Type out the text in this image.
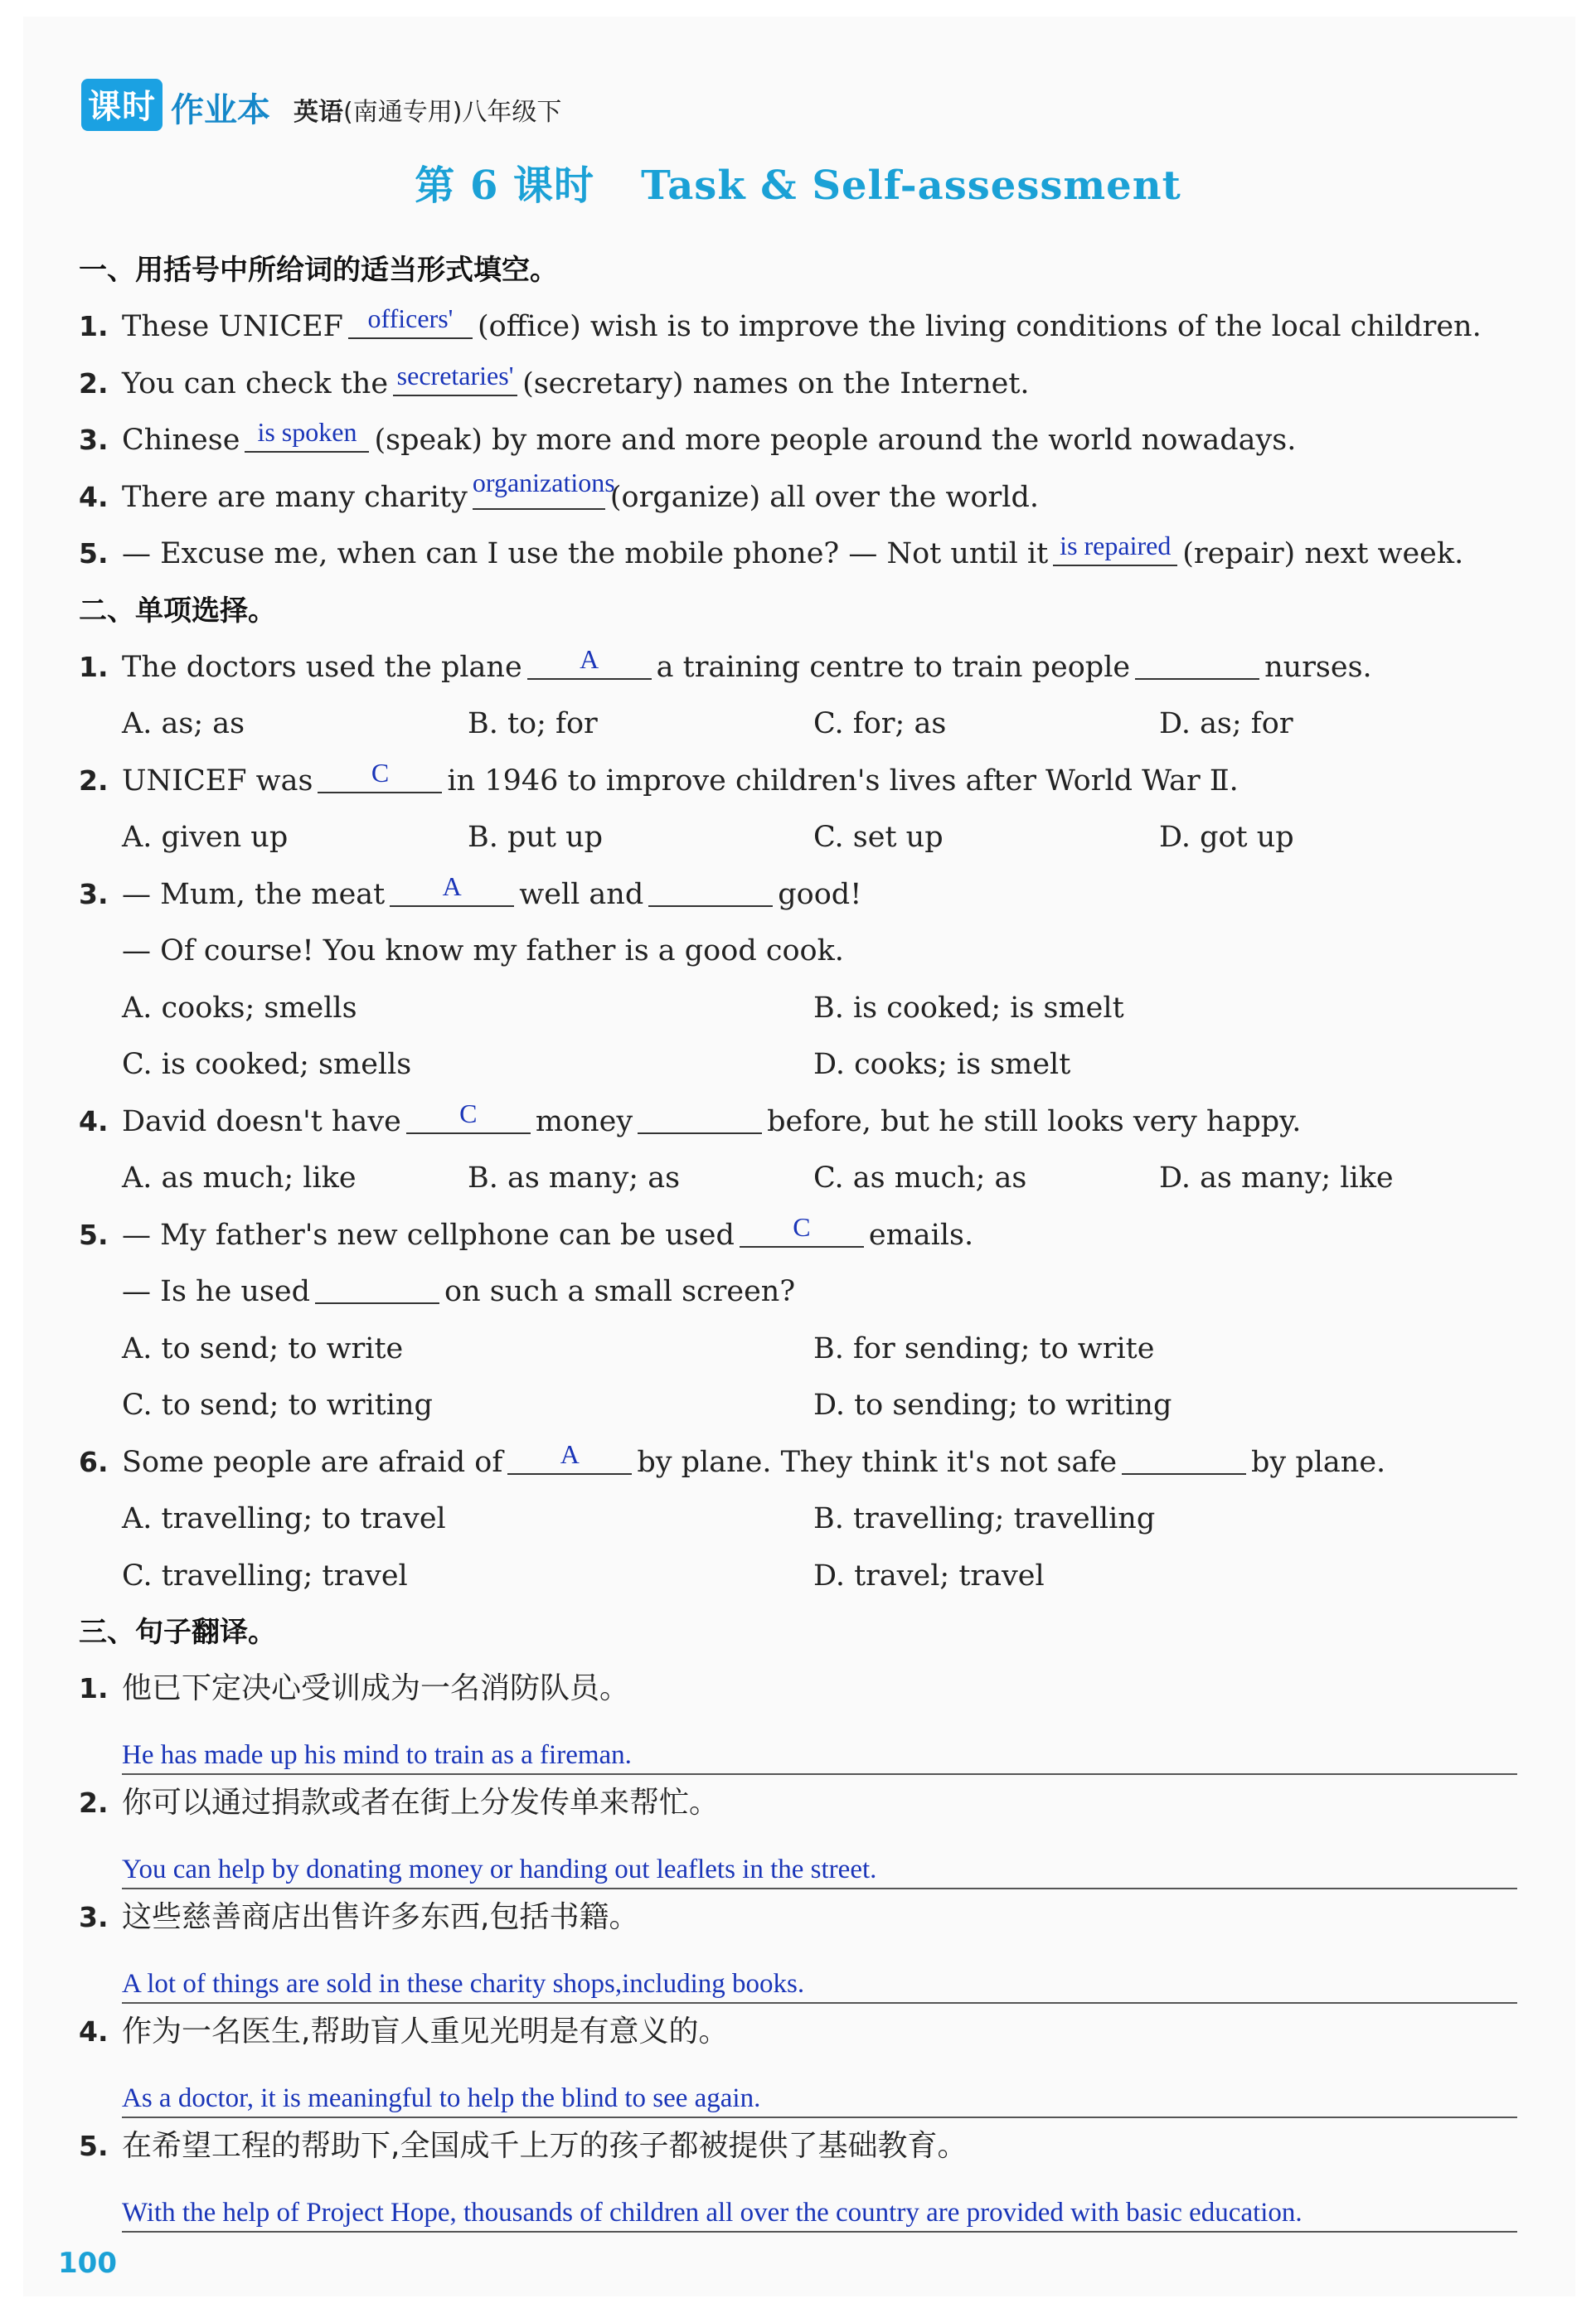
课时 作业本 英语(南通专用)八年级下
第 6 课时 Task & Self-assessment
一、用括号中所给词的适当形式填空。
1. These UNICEF officers' (office) wish is to improve the living conditions of the local children.
2. You can check the secretaries' (secretary) names on the Internet.
3. Chinese is spoken (speak) by more and more people around the world nowadays.
4. There are many charity organizations
(organize) all over the world.
5. — Excuse me, when can I use the mobile phone? — Not until it is repaired (repair) next week.
二、单项选择。
1. The doctors used the plane	A	a training centre to train people	nurses.
A. as; as	B. to; for	C. for; as	D. as; for
2. UNICEF was	C	in 1946 to improve children's lives after World War Ⅱ.
A. given up	B. put up	C. set up	D. got up
3. — Mum, the meat	A	well and	good!
— Of course! You know my father is a good cook.
A. cooks; smells	B. is cooked; is smelt
C. is cooked; smells	D. cooks; is smelt
4. David doesn't have	C	money	before, but he still looks very happy.
A. as much; like	B. as many; as	C. as much; as	D. as many; like
5. — My father's new cellphone can be used	C	emails.
— Is he used	on such a small screen?
A. to send; to write	B. for sending; to write
C. to send; to writing	D. to sending; to writing
6. Some people are afraid of	A	by plane. They think it's not safe	by plane.
A. travelling; to travel	B. travelling; travelling
C. travelling; travel	D. travel; travel
三、句子翻译。
1. 他已下定决心受训成为一名消防队员。
He has made up his mind to train as a fireman.
2. 你可以通过捐款或者在街上分发传单来帮忙。
You can help by donating money or handing out leaflets in the street.
3. 这些慈善商店出售许多东西,包括书籍。
A lot of things are sold in these charity shops,including books.
4. 作为一名医生,帮助盲人重见光明是有意义的。
As a doctor, it is meaningful to help the blind to see again.
5. 在希望工程的帮助下,全国成千上万的孩子都被提供了基础教育。
With the help of Project Hope, thousands of children all over the country are provided with basic education.
100
